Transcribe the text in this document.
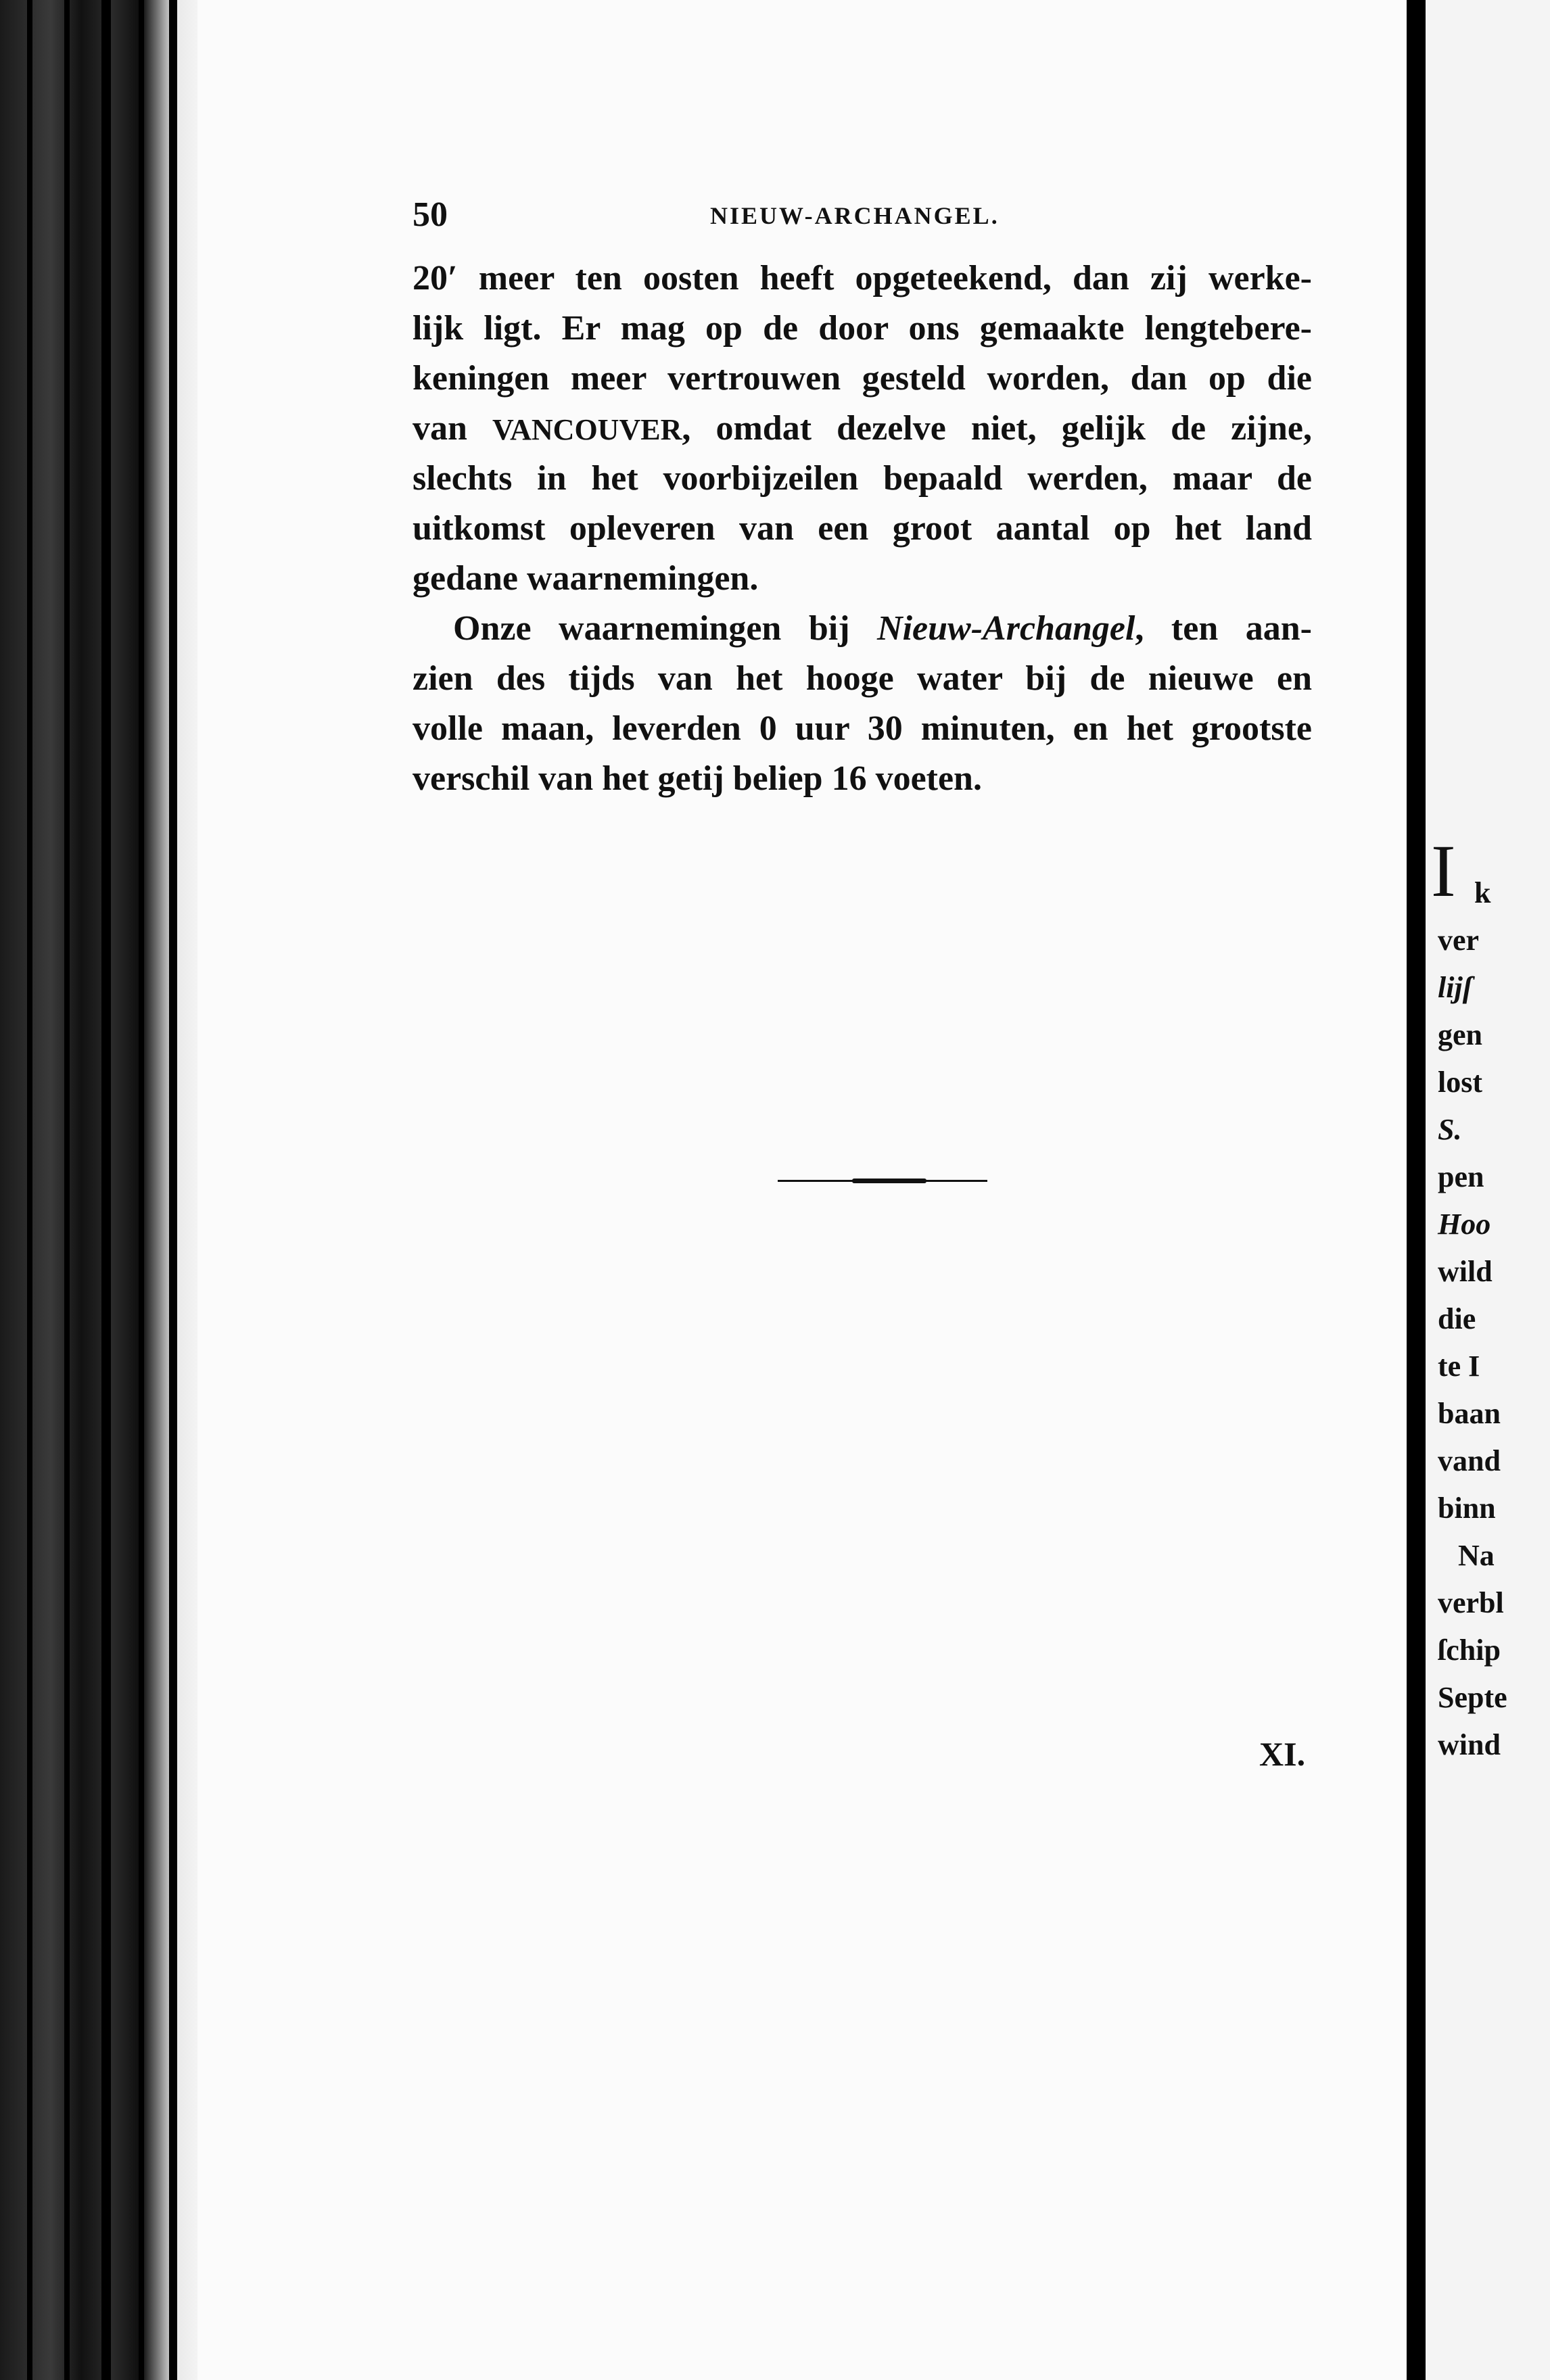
50	NIEUW-ARCHANGEL.
20′ meer ten oosten heeft opgeteekend, dan zij werke-
lijk ligt. Er mag op de door ons gemaakte lengtebere-
keningen meer vertrouwen gesteld worden, dan op die
van VANCOUVER, omdat dezelve niet, gelijk de zijne,
slechts in het voorbijzeilen bepaald werden, maar de
uitkomst opleveren van een groot aantal op het land
gedane waarnemingen.
Onze waarnemingen bij Nieuw-Archangel, ten aan-
zien des tijds van het hooge water bij de nieuwe en
volle maan, leverden 0 uur 30 minuten, en het grootste
verschil van het getij beliep 16 voeten.
XI.
I k
ver
lijſ
gen
lost
S.
pen
Hoo
wild
die
te I
baan
vand
binn
Na
verbl
ſchip
Septe
wind
